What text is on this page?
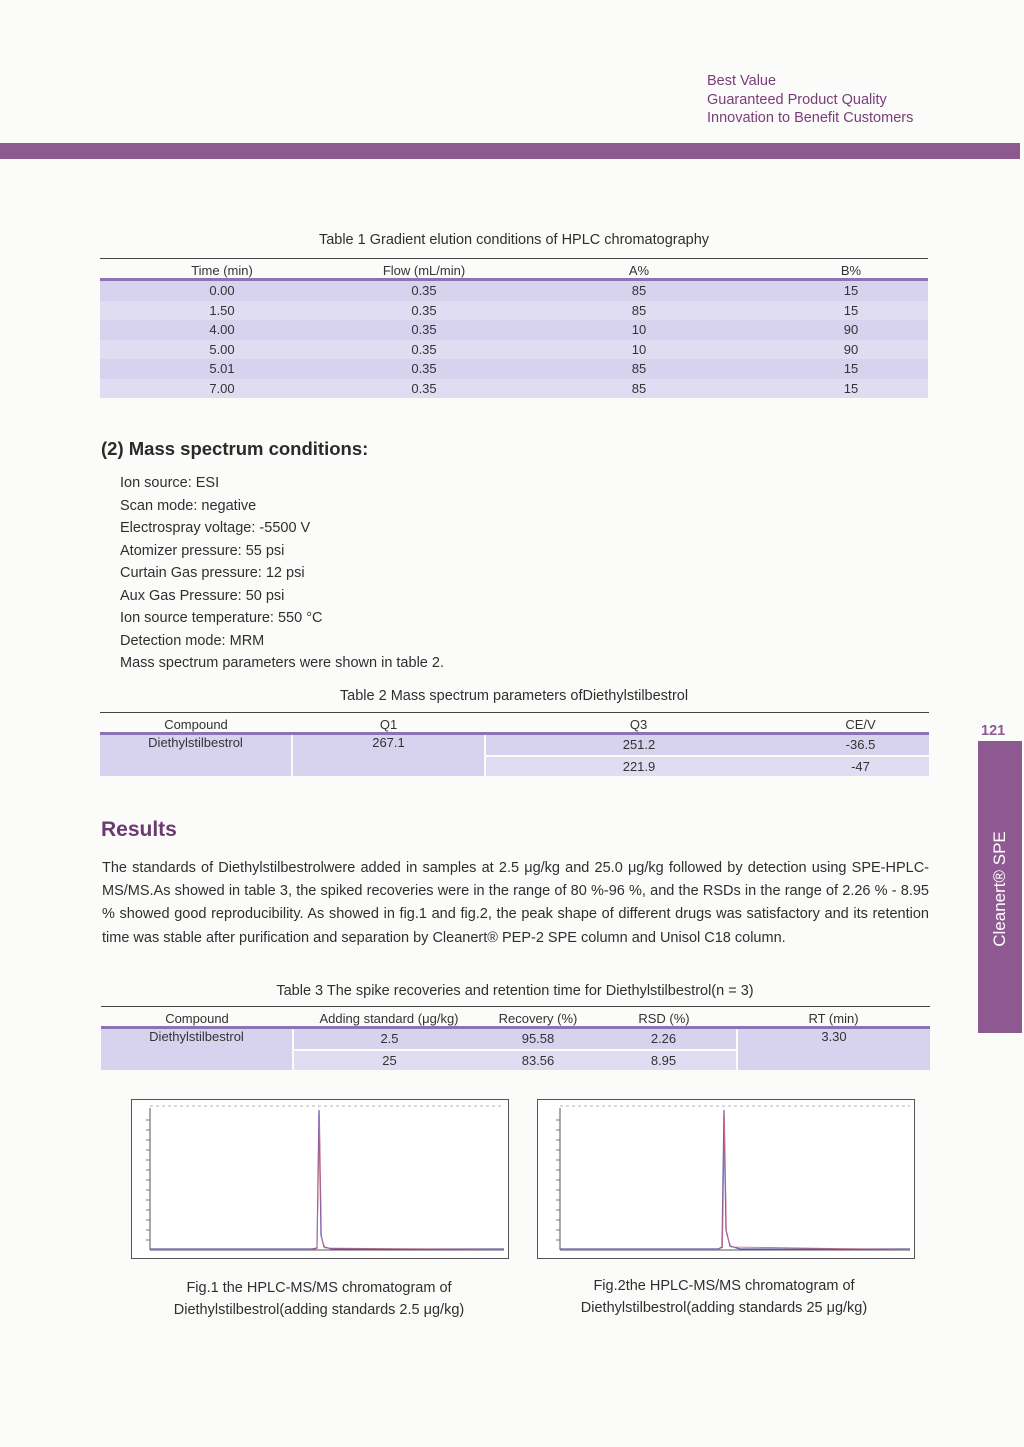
Best Value
Guaranteed Product Quality
Innovation to Benefit Customers
Table 1 Gradient elution conditions of HPLC chromatography
Time (min)	Flow (mL/min)	A%	B%
0.00	0.35	85	15
1.50	0.35	85	15
4.00	0.35	10	90
5.00	0.35	10	90
5.01	0.35	85	15
7.00	0.35	85	15
(2) Mass spectrum conditions:
Ion source: ESI
Scan mode: negative
Electrospray voltage: -5500 V
Atomizer pressure: 55 psi
Curtain Gas pressure: 12 psi
Aux Gas Pressure: 50 psi
Ion source temperature: 550 °C
Detection mode: MRM
Mass spectrum parameters were shown in table 2.
Table 2 Mass spectrum parameters ofDiethylstilbestrol
Compound	Q1	Q3	CE/V
Diethylstilbestrol	267.1	251.2	-36.5
		221.9	-47
Results

The standards of Diethylstilbestrolwere added in samples at 2.5 μg/kg and 25.0 μg/kg followed by detection using SPE-HPLC-MS/MS.As showed in table 3, the spiked recoveries were in the range of 80 %-96 %, and the RSDs in the range of 2.26 % - 8.95 % showed good reproducibility. As showed in fig.1 and fig.2, the peak shape of different drugs was satisfactory and its retention time was stable after purification and separation by Cleanert® PEP-2 SPE column and Unisol C18 column.

Table 3 The spike recoveries and retention time for Diethylstilbestrol(n = 3)
Compound	Adding standard (μg/kg)	Recovery (%)	RSD (%)	RT (min)
Diethylstilbestrol	2.5	95.58	2.26	3.30
	25	83.56	8.95	
Fig.1 the HPLC-MS/MS chromatogram of
Diethylstilbestrol(adding standards 2.5 μg/kg)
Fig.2the HPLC-MS/MS chromatogram of
Diethylstilbestrol(adding standards 25 μg/kg)
121
Cleanert® SPE
